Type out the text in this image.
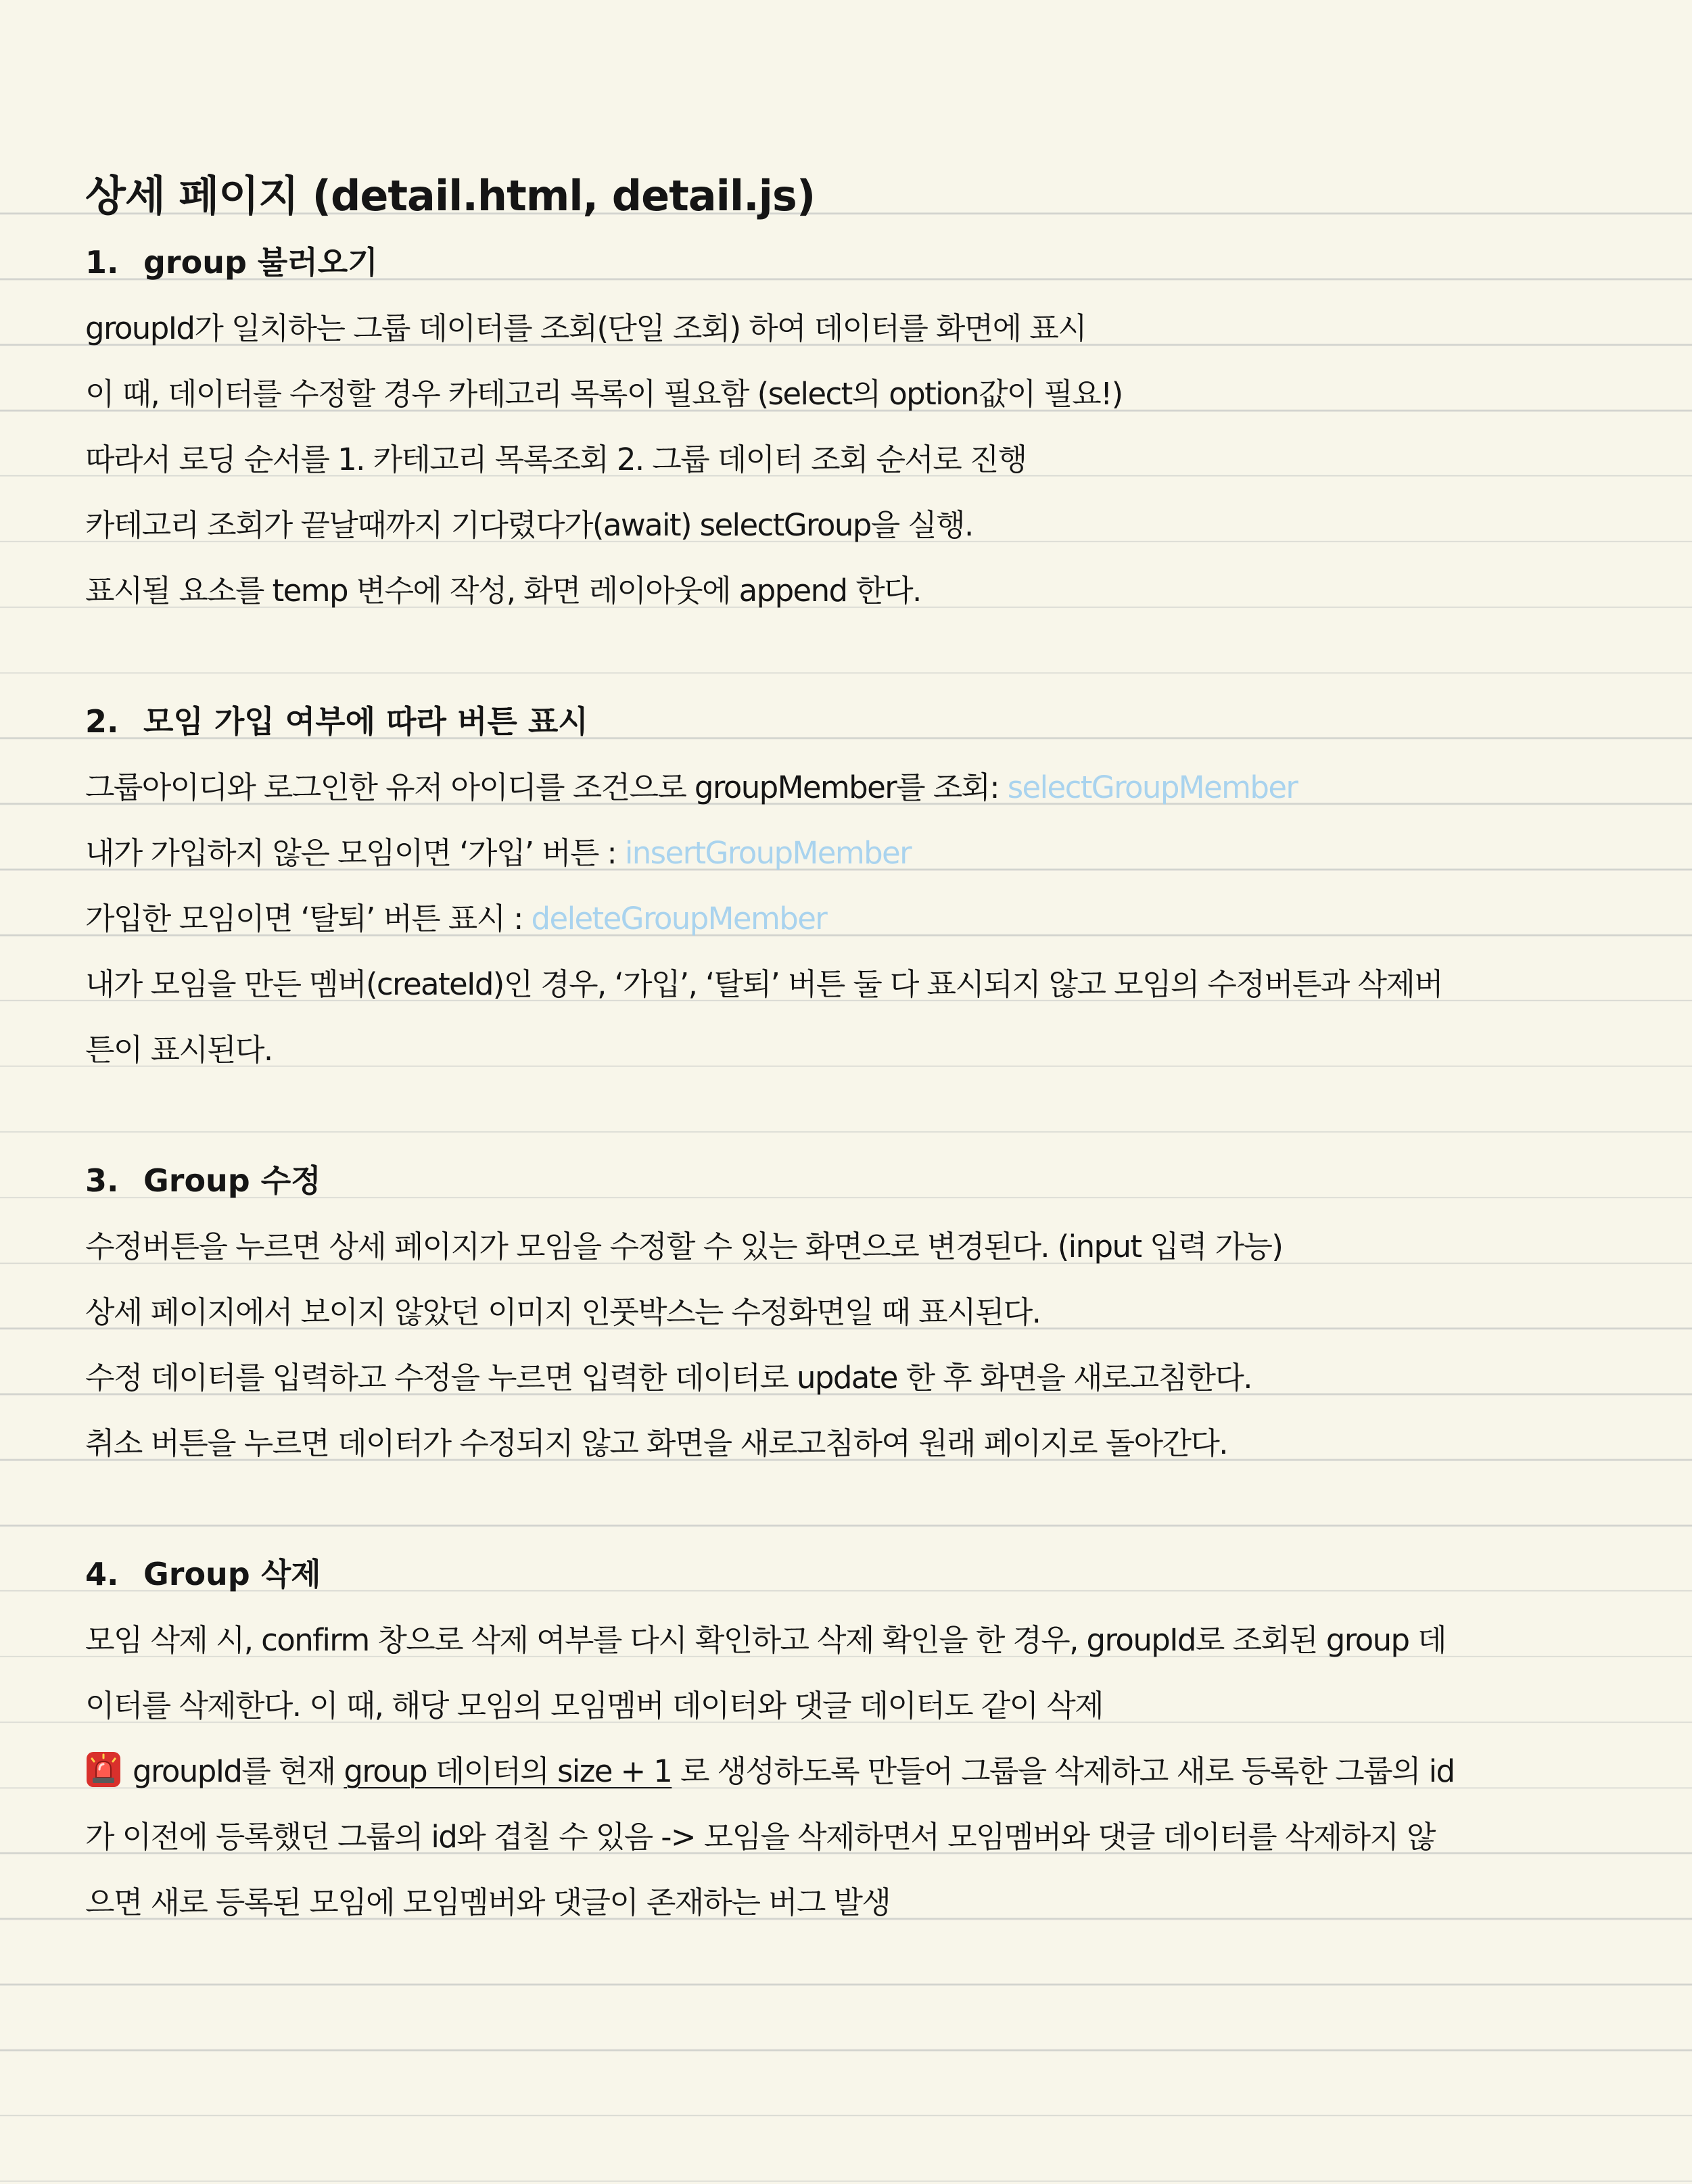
상세 페이지 (detail.html, detail.js)
1. group 불러오기
groupId가 일치하는 그룹 데이터를 조회(단일 조회) 하여 데이터를 화면에 표시
이 때, 데이터를 수정할 경우 카테고리 목록이 필요함 (select의 option값이 필요!)
따라서 로딩 순서를 1. 카테고리 목록조회 2. 그룹 데이터 조회 순서로 진행
카테고리 조회가 끝날때까지 기다렸다가(await) selectGroup을 실행.
표시될 요소를 temp 변수에 작성, 화면 레이아웃에 append 한다.
2. 모임 가입 여부에 따라 버튼 표시
그룹아이디와 로그인한 유저 아이디를 조건으로 groupMember를 조회: selectGroupMember
내가 가입하지 않은 모임이면 ‘가입’ 버튼 : insertGroupMember
가입한 모임이면 ‘탈퇴’ 버튼 표시 : deleteGroupMember
내가 모임을 만든 멤버(createId)인 경우, ‘가입’, ‘탈퇴’ 버튼 둘 다 표시되지 않고 모임의 수정버튼과 삭제버
튼이 표시된다.
3. Group 수정
수정버튼을 누르면 상세 페이지가 모임을 수정할 수 있는 화면으로 변경된다. (input 입력 가능)
상세 페이지에서 보이지 않았던 이미지 인풋박스는 수정화면일 때 표시된다.
수정 데이터를 입력하고 수정을 누르면 입력한 데이터로 update 한 후 화면을 새로고침한다.
취소 버튼을 누르면 데이터가 수정되지 않고 화면을 새로고침하여 원래 페이지로 돌아간다.
4. Group 삭제
모임 삭제 시, confirm 창으로 삭제 여부를 다시 확인하고 삭제 확인을 한 경우, groupId로 조회된 group 데
이터를 삭제한다. 이 때, 해당 모임의 모임멤버 데이터와 댓글 데이터도 같이 삭제
groupId를 현재 group 데이터의 size + 1 로 생성하도록 만들어 그룹을 삭제하고 새로 등록한 그룹의 id
가 이전에 등록했던 그룹의 id와 겹칠 수 있음 -> 모임을 삭제하면서 모임멤버와 댓글 데이터를 삭제하지 않
으면 새로 등록된 모임에 모임멤버와 댓글이 존재하는 버그 발생
